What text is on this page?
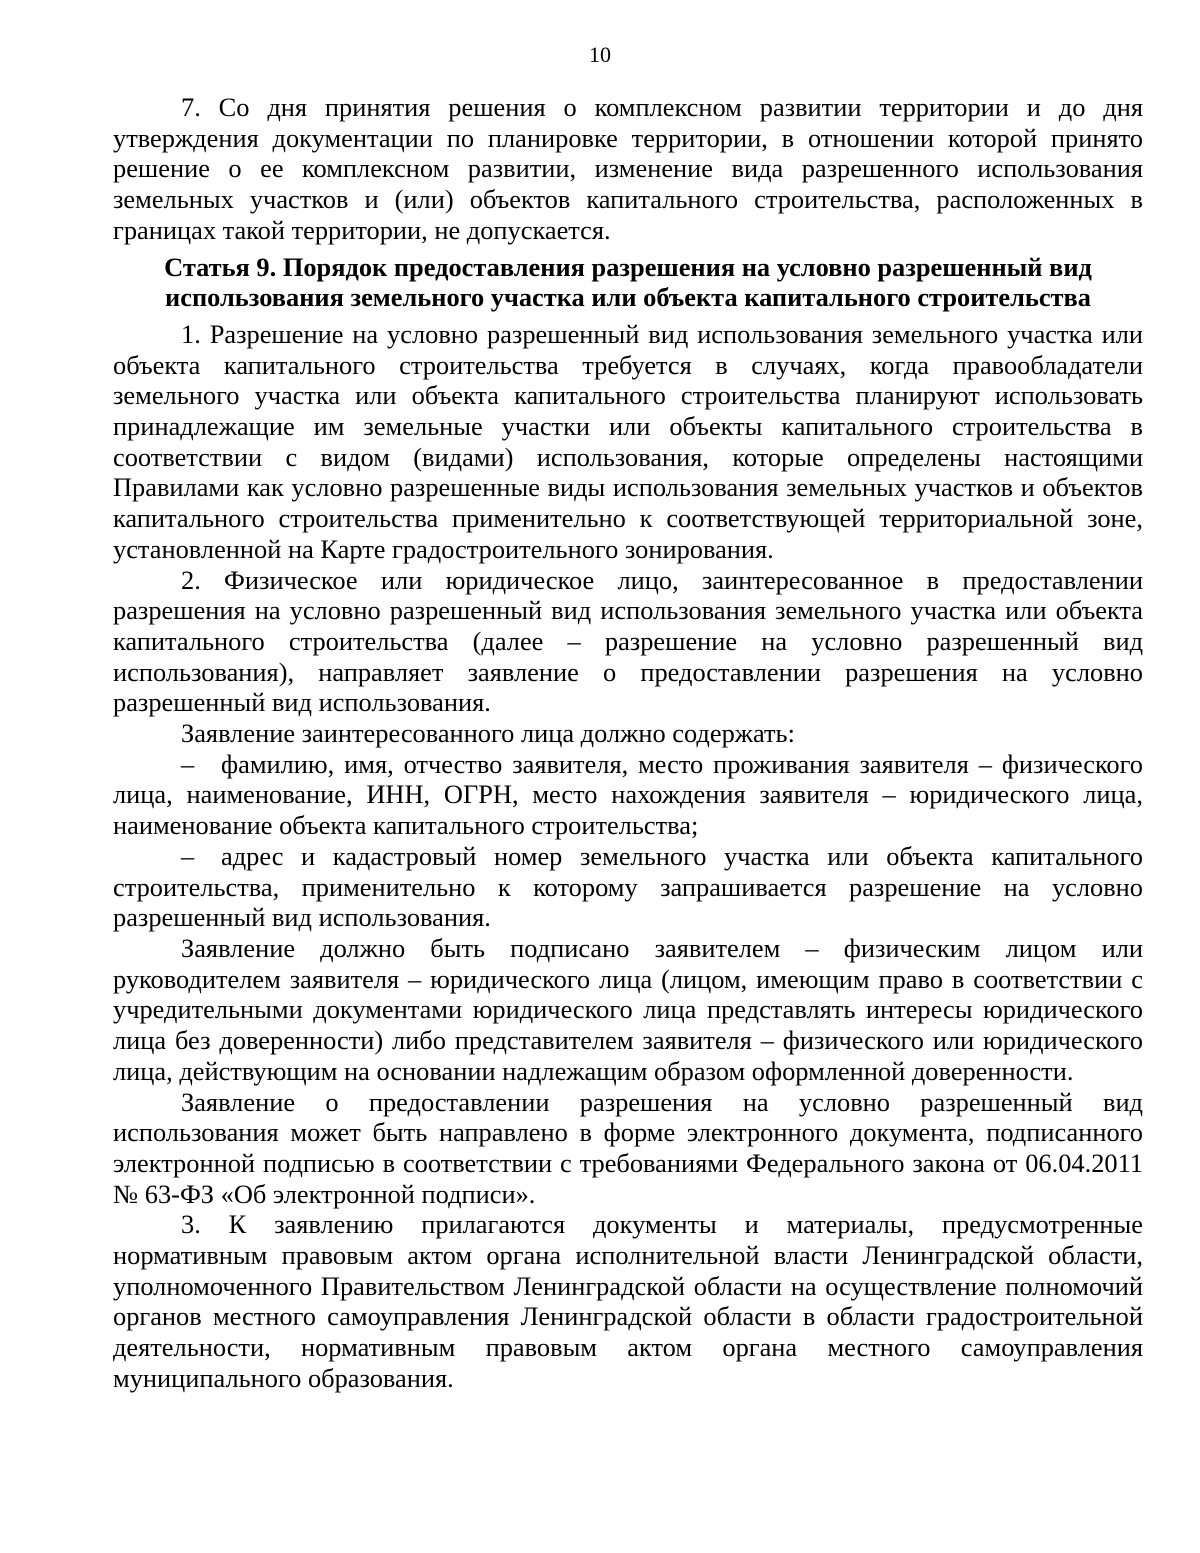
10

7. Со дня принятия решения о комплексном развитии территории и до дня утверждения документации по планировке территории, в отношении которой принято решение о ее комплексном развитии, изменение вида разрешенного использования земельных участков и (или) объектов капитального строительства, расположенных в границах такой территории, не допускается.

Статья 9. Порядок предоставления разрешения на условно разрешенный вид
использования земельного участка или объекта капитального строительства

1. Разрешение на условно разрешенный вид использования земельного участка или объекта капитального строительства требуется в случаях, когда правообладатели земельного участка или объекта капитального строительства планируют использовать принадлежащие им земельные участки или объекты капитального строительства в соответствии с видом (видами) использования, которые определены настоящими Правилами как условно разрешенные виды использования земельных участков и объектов капитального строительства применительно к соответствующей территориальной зоне, установленной на Карте градостроительного зонирования.

2. Физическое или юридическое лицо, заинтересованное в предоставлении разрешения на условно разрешенный вид использования земельного участка или объекта капитального строительства (далее – разрешение на условно разрешенный вид использования), направляет заявление о предоставлении разрешения на условно разрешенный вид использования.

Заявление заинтересованного лица должно содержать:

– фамилию, имя, отчество заявителя, место проживания заявителя – физического лица, наименование, ИНН, ОГРН, место нахождения заявителя – юридического лица, наименование объекта капитального строительства;

– адрес и кадастровый номер земельного участка или объекта капитального строительства, применительно к которому запрашивается разрешение на условно разрешенный вид использования.

Заявление должно быть подписано заявителем – физическим лицом или руководителем заявителя – юридического лица (лицом, имеющим право в соответствии с учредительными документами юридического лица представлять интересы юридического лица без доверенности) либо представителем заявителя – физического или юридического лица, действующим на основании надлежащим образом оформленной доверенности.

Заявление о предоставлении разрешения на условно разрешенный вид использования может быть направлено в форме электронного документа, подписанного электронной подписью в соответствии с требованиями Федерального закона от 06.04.2011 № 63-ФЗ «Об электронной подписи».

3. К заявлению прилагаются документы и материалы, предусмотренные нормативным правовым актом органа исполнительной власти Ленинградской области, уполномоченного Правительством Ленинградской области на осуществление полномочий органов местного самоуправления Ленинградской области в области градостроительной деятельности, нормативным правовым актом органа местного самоуправления муниципального образования.
